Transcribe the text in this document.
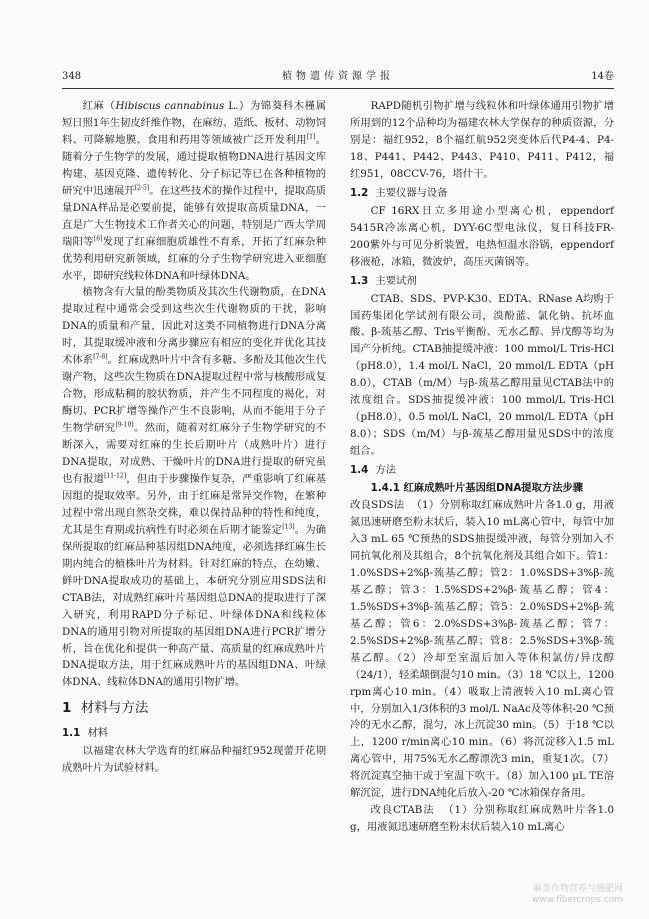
348	植物遗传资源学报	14卷

红麻（Hibiscus cannabinus L.）为锦葵科木槿属短日照1年生韧皮纤维作物，在麻纺、造纸、板材、动物饲料、可降解地膜、食用和药用等领域被广泛开发利用[1]。随着分子生物学的发展，通过提取植物DNA进行基因文库构建、基因克隆、遗传转化、分子标记等已在各种植物的研究中迅速展开[2-5]。在这些技术的操作过程中，提取高质量DNA样品是必要前提，能够有效提取高质量DNA，一直是广大生物技术工作者关心的问题，特别是广西大学周瑞阳等[6]发现了红麻细胞质雄性不育系，开拓了红麻杂种优势利用研究新领域，红麻的分子生物学研究进入亚细胞水平，即研究线粒体DNA和叶绿体DNA。

植物含有大量的酚类物质及其次生代谢物质，在DNA提取过程中通常会受到这些次生代谢物质的干扰，影响DNA的质量和产量，因此对这类不同植物进行DNA分离时，其提取缓冲液和分离步骤应有相应的变化并优化其技术体系[7-8]。红麻成熟叶片中含有多糖、多酚及其他次生代谢产物，这些次生物质在DNA提取过程中常与核酸形成复合物，形成粘稠的胶状物质，并产生不同程度的褐化，对酶切、PCR扩增等操作产生不良影响，从而不能用于分子生物学研究[9-10]。然而，随着对红麻分子生物学研究的不断深入，需要对红麻的生长后期叶片（成熟叶片）进行DNA提取，对成熟、干燥叶片的DNA进行提取的研究虽也有报道[11-12]，但由于步骤操作复杂，严重影响了红麻基因组的提取效率。另外，由于红麻是常异交作物，在繁种过程中常出现自然杂交株，难以保持品种的特性和纯度，尤其是生育期或抗病性有时必须在后期才能鉴定[13]。为确保所提取的红麻品种基因组DNA纯度，必须选择红麻生长期内纯合的植株叶片为材料。针对红麻的特点，在幼嫩、鲜叶DNA提取成功的基础上，本研究分别应用SDS法和CTAB法，对成熟红麻叶片基因组总DNA的提取进行了深入研究，利用RAPD分子标记、叶绿体DNA和线粒体DNA的通用引物对所提取的基因组DNA进行PCR扩增分析，旨在优化和提供一种高产量、高质量的红麻成熟叶片DNA提取方法，用于红麻成熟叶片的基因组DNA、叶绿体DNA、线粒体DNA的通用引物扩增。

1 材料与方法
1.1 材料

以福建农林大学选育的红麻品种福红952现蕾开花期成熟叶片为试验材料。

RAPD随机引物扩增与线粒体和叶绿体通用引物扩增所用到的12个品种均为福建农林大学保存的种质资源，分别是：福红952，8个福红航952突变体后代P4-4、P4-18、P441、P442、P443、P410、P411、P412，福红951，08CCV-76，塔什干。

1.2 主要仪器与设备

CF 16RX日立多用途小型离心机，eppendorf 5415R冷冻离心机，DYY-6C型电泳仪，复日科技FR-200紫外与可见分析装置，电热恒温水浴锅，eppendorf移液枪，冰箱，微波炉，高压灭菌锅等。

1.3 主要试剂

CTAB、SDS、PVP-K30、EDTA、RNase A均购于国药集团化学试剂有限公司，溴酚蓝、氯化钠、抗坏血酸、β-巯基乙醇、Tris平衡酚、无水乙醇、异戊醇等均为国产分析纯。CTAB抽提缓冲液：100 mmol/L Tris-HCl（pH8.0），1.4 mol/L NaCl，20 mmol/L EDTA（pH 8.0），CTAB（m/M）与β-巯基乙醇用量见CTAB法中的浓度组合。SDS抽提缓冲液：100 mmol/L Tris-HCl（pH8.0），0.5 mol/L NaCl，20 mmol/L EDTA（pH 8.0）；SDS（m/M）与β-巯基乙醇用量见SDS中的浓度组合。

1.4 方法

1.4.1 红麻成熟叶片基因组DNA提取方法步骤
改良SDS法 （1）分别称取红麻成熟叶片各1.0 g，用液氮迅速研磨至粉末状后，装入10 mL离心管中，每管中加入3 mL 65 ℃预热的SDS抽提缓冲液，每管分别加入不同抗氧化剂及其组合，8个抗氧化剂及其组合如下。管1：1.0%SDS+2%β-巯基乙醇；管2：1.0%SDS+3%β-巯基乙醇；管3：1.5%SDS+2%β-巯基乙醇；管4：1.5%SDS+3%β-巯基乙醇；管5：2.0%SDS+2%β-巯基乙醇；管6：2.0%SDS+3%β-巯基乙醇；管7：2.5%SDS+2%β-巯基乙醇；管8：2.5%SDS+3%β-巯基乙醇。（2）冷却至室温后加入等体积氯仿/异戊醇（24/1），轻柔颠倒混匀10 min。（3）18 ℃以上，1200 rpm离心10 min。（4）吸取上清液转入10 mL离心管中，分别加入1/3体积的3 mol/L NaAc及等体积-20 ℃预冷的无水乙醇，混匀，冰上沉淀30 min。（5）于18 ℃以上，1200 r/min离心10 min。（6）将沉淀移入1.5 mL离心管中，用75%无水乙醇漂洗3 min，重复1次。（7）将沉淀真空抽干或于室温下吹干。（8）加入100 μL TE溶解沉淀，进行DNA纯化后放入-20 ℃冰箱保存备用。

改良CTAB法 （1）分别称取红麻成熟叶片各1.0 g，用液氮迅速研磨至粉末状后装入10 mL离心

麻类作物营养与施肥网
www.fibercrops.com
